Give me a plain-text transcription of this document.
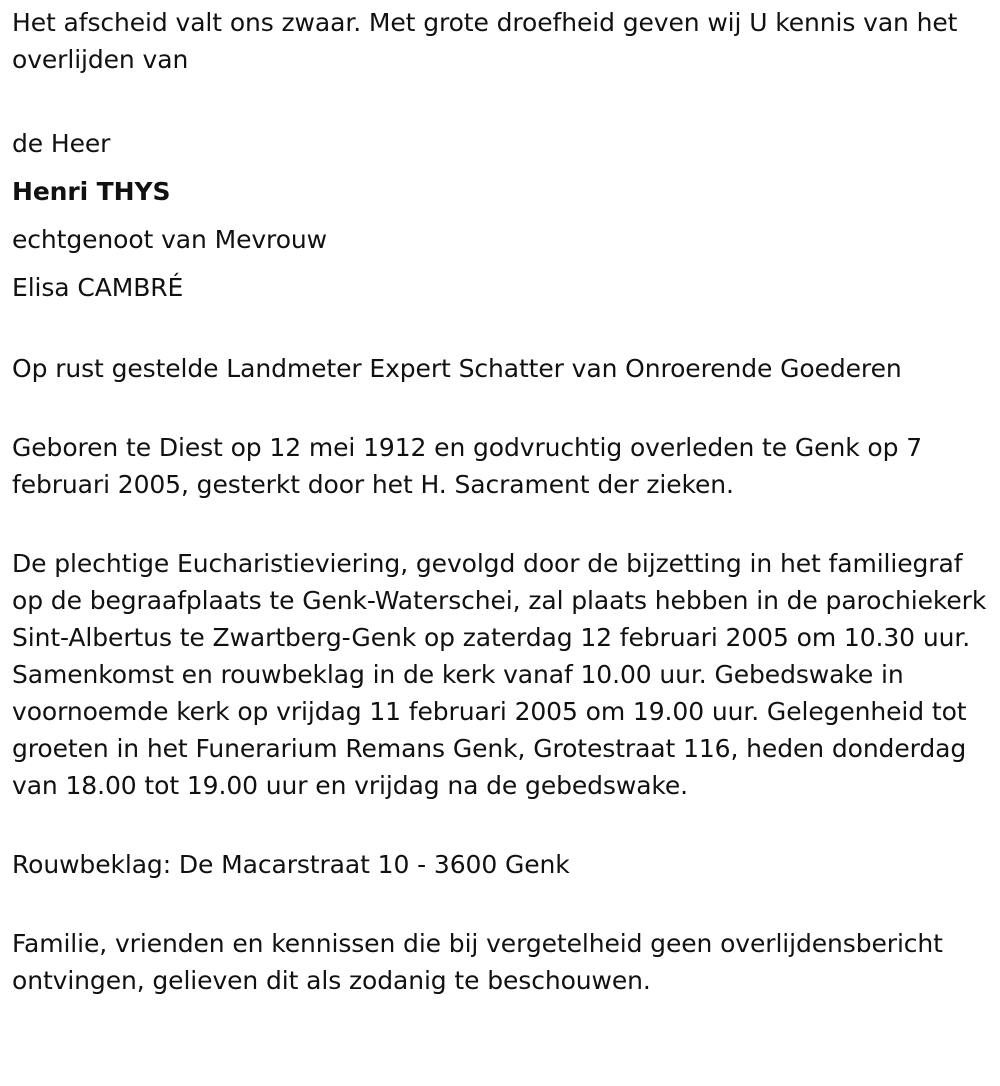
Het afscheid valt ons zwaar. Met grote droefheid geven wij U kennis van het overlijden van

de Heer

Henri THYS

echtgenoot van Mevrouw

Elisa CAMBRÉ

Op rust gestelde Landmeter Expert Schatter van Onroerende Goederen

Geboren te Diest op 12 mei 1912 en godvruchtig overleden te Genk op 7 februari 2005, gesterkt door het H. Sacrament der zieken.

De plechtige Eucharistieviering, gevolgd door de bijzetting in het familiegraf op de begraafplaats te Genk-Waterschei, zal plaats hebben in de parochiekerk Sint-Albertus te Zwartberg-Genk op zaterdag 12 februari 2005 om 10.30 uur. Samenkomst en rouwbeklag in de kerk vanaf 10.00 uur. Gebedswake in voornoemde kerk op vrijdag 11 februari 2005 om 19.00 uur. Gelegenheid tot groeten in het Funerarium Remans Genk, Grotestraat 116, heden donderdag van 18.00 tot 19.00 uur en vrijdag na de gebedswake.

Rouwbeklag: De Macarstraat 10 - 3600 Genk

Familie, vrienden en kennissen die bij vergetelheid geen overlijdensbericht ontvingen, gelieven dit als zodanig te beschouwen.
